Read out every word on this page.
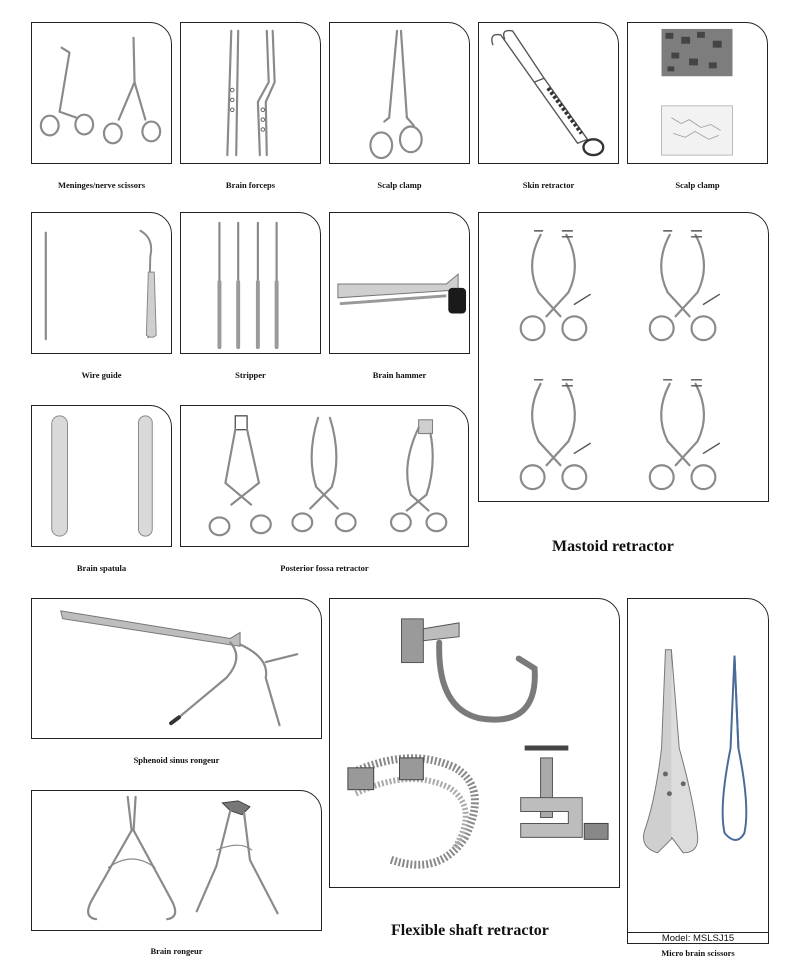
Meninges/nerve scissors	Brain forceps	Scalp clamp	Skin retractor	Scalp clamp
Wire guide	Stripper	Brain hammer
Mastoid retractor
Brain spatula	Posterior fossa retractor
Sphenoid sinus rongeur
Flexible shaft retractor	Model: MSLSJ15
Micro brain scissors
Brain rongeur
